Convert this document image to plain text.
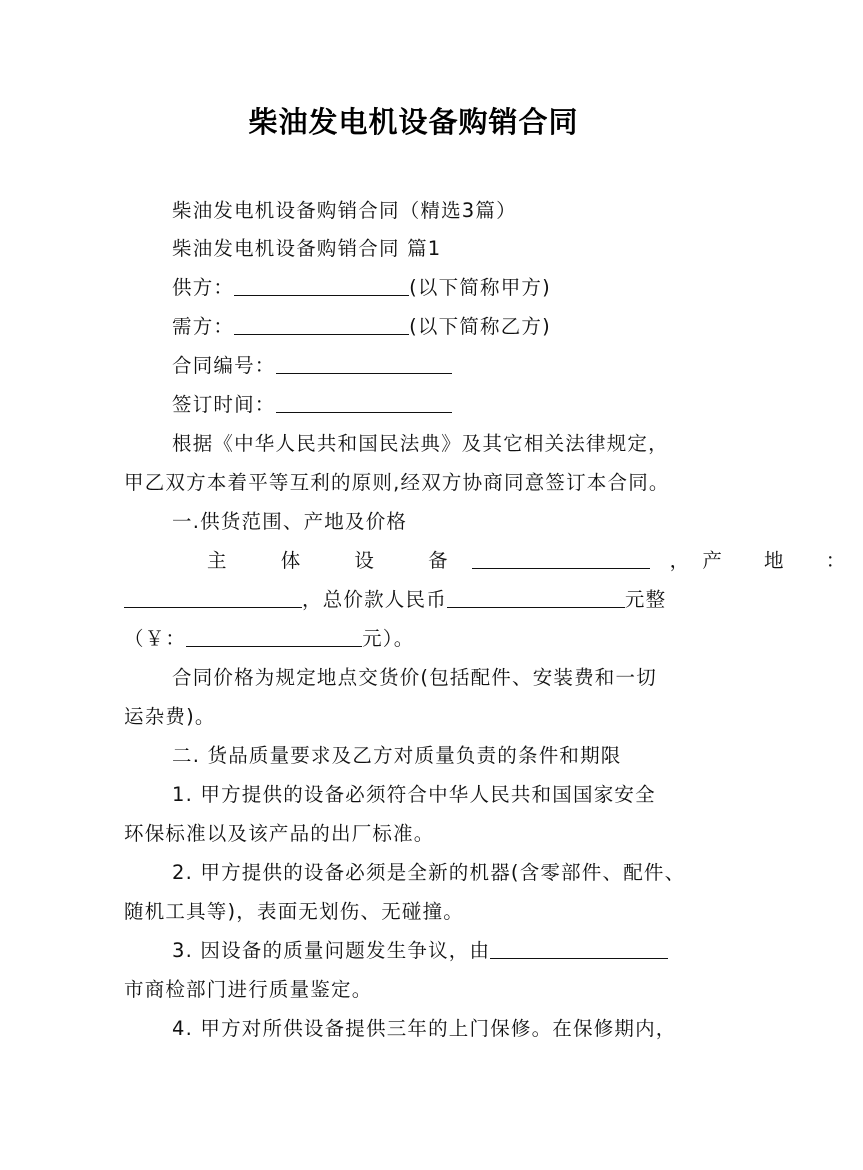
柴油发电机设备购销合同
柴油发电机设备购销合同（精选3篇）
柴油发电机设备购销合同 篇1
供方：	(以下简称甲方)
需方：	(以下简称乙方)
合同编号：
签订时间：
根据《中华人民共和国民法典》及其它相关法律规定，
甲乙双方本着平等互利的原则,经双方协商同意签订本合同。
一.供货范围、产地及价格
主 体 设 备	， 产 地 ：
，总价款人民币	元整
（￥：	元）。
合同价格为规定地点交货价(包括配件、安装费和一切
运杂费)。
二. 货品质量要求及乙方对质量负责的条件和期限
1. 甲方提供的设备必须符合中华人民共和国国家安全
环保标准以及该产品的出厂标准。
2. 甲方提供的设备必须是全新的机器(含零部件、配件、
随机工具等)，表面无划伤、无碰撞。
3. 因设备的质量问题发生争议，由
市商检部门进行质量鉴定。
4. 甲方对所供设备提供三年的上门保修。在保修期内，
